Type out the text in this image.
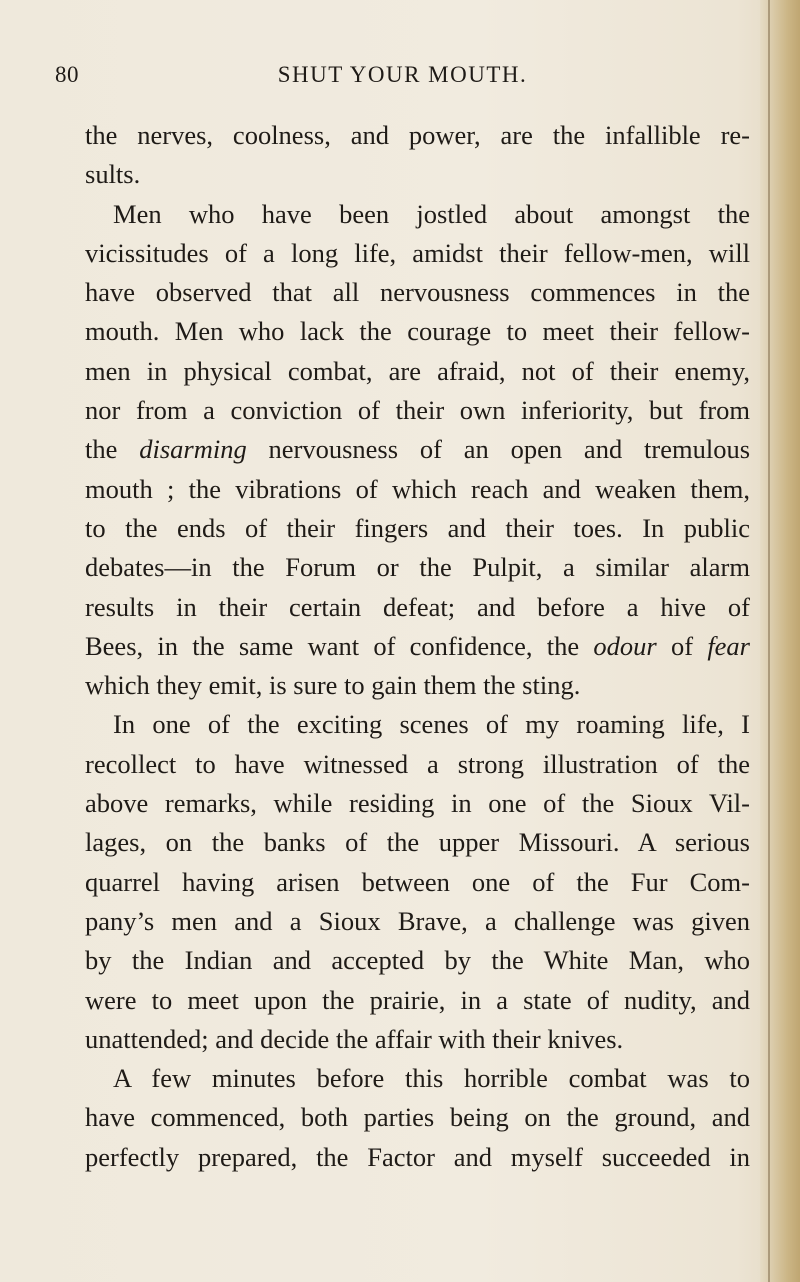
80	SHUT YOUR MOUTH.
the nerves, coolness, and power, are the infallible re-
sults.
Men who have been jostled about amongst the
vicissitudes of a long life, amidst their fellow-men, will
have observed that all nervousness commences in the
mouth. Men who lack the courage to meet their fellow-
men in physical combat, are afraid, not of their enemy,
nor from a conviction of their own inferiority, but from
the disarming nervousness of an open and tremulous
mouth ; the vibrations of which reach and weaken them,
to the ends of their fingers and their toes. In public
debates—in the Forum or the Pulpit, a similar alarm
results in their certain defeat; and before a hive of
Bees, in the same want of confidence, the odour of fear
which they emit, is sure to gain them the sting.
In one of the exciting scenes of my roaming life, I
recollect to have witnessed a strong illustration of the
above remarks, while residing in one of the Sioux Vil-
lages, on the banks of the upper Missouri. A serious
quarrel having arisen between one of the Fur Com-
pany’s men and a Sioux Brave, a challenge was given
by the Indian and accepted by the White Man, who
were to meet upon the prairie, in a state of nudity, and
unattended; and decide the affair with their knives.
A few minutes before this horrible combat was to
have commenced, both parties being on the ground, and
perfectly prepared, the Factor and myself succeeded in
